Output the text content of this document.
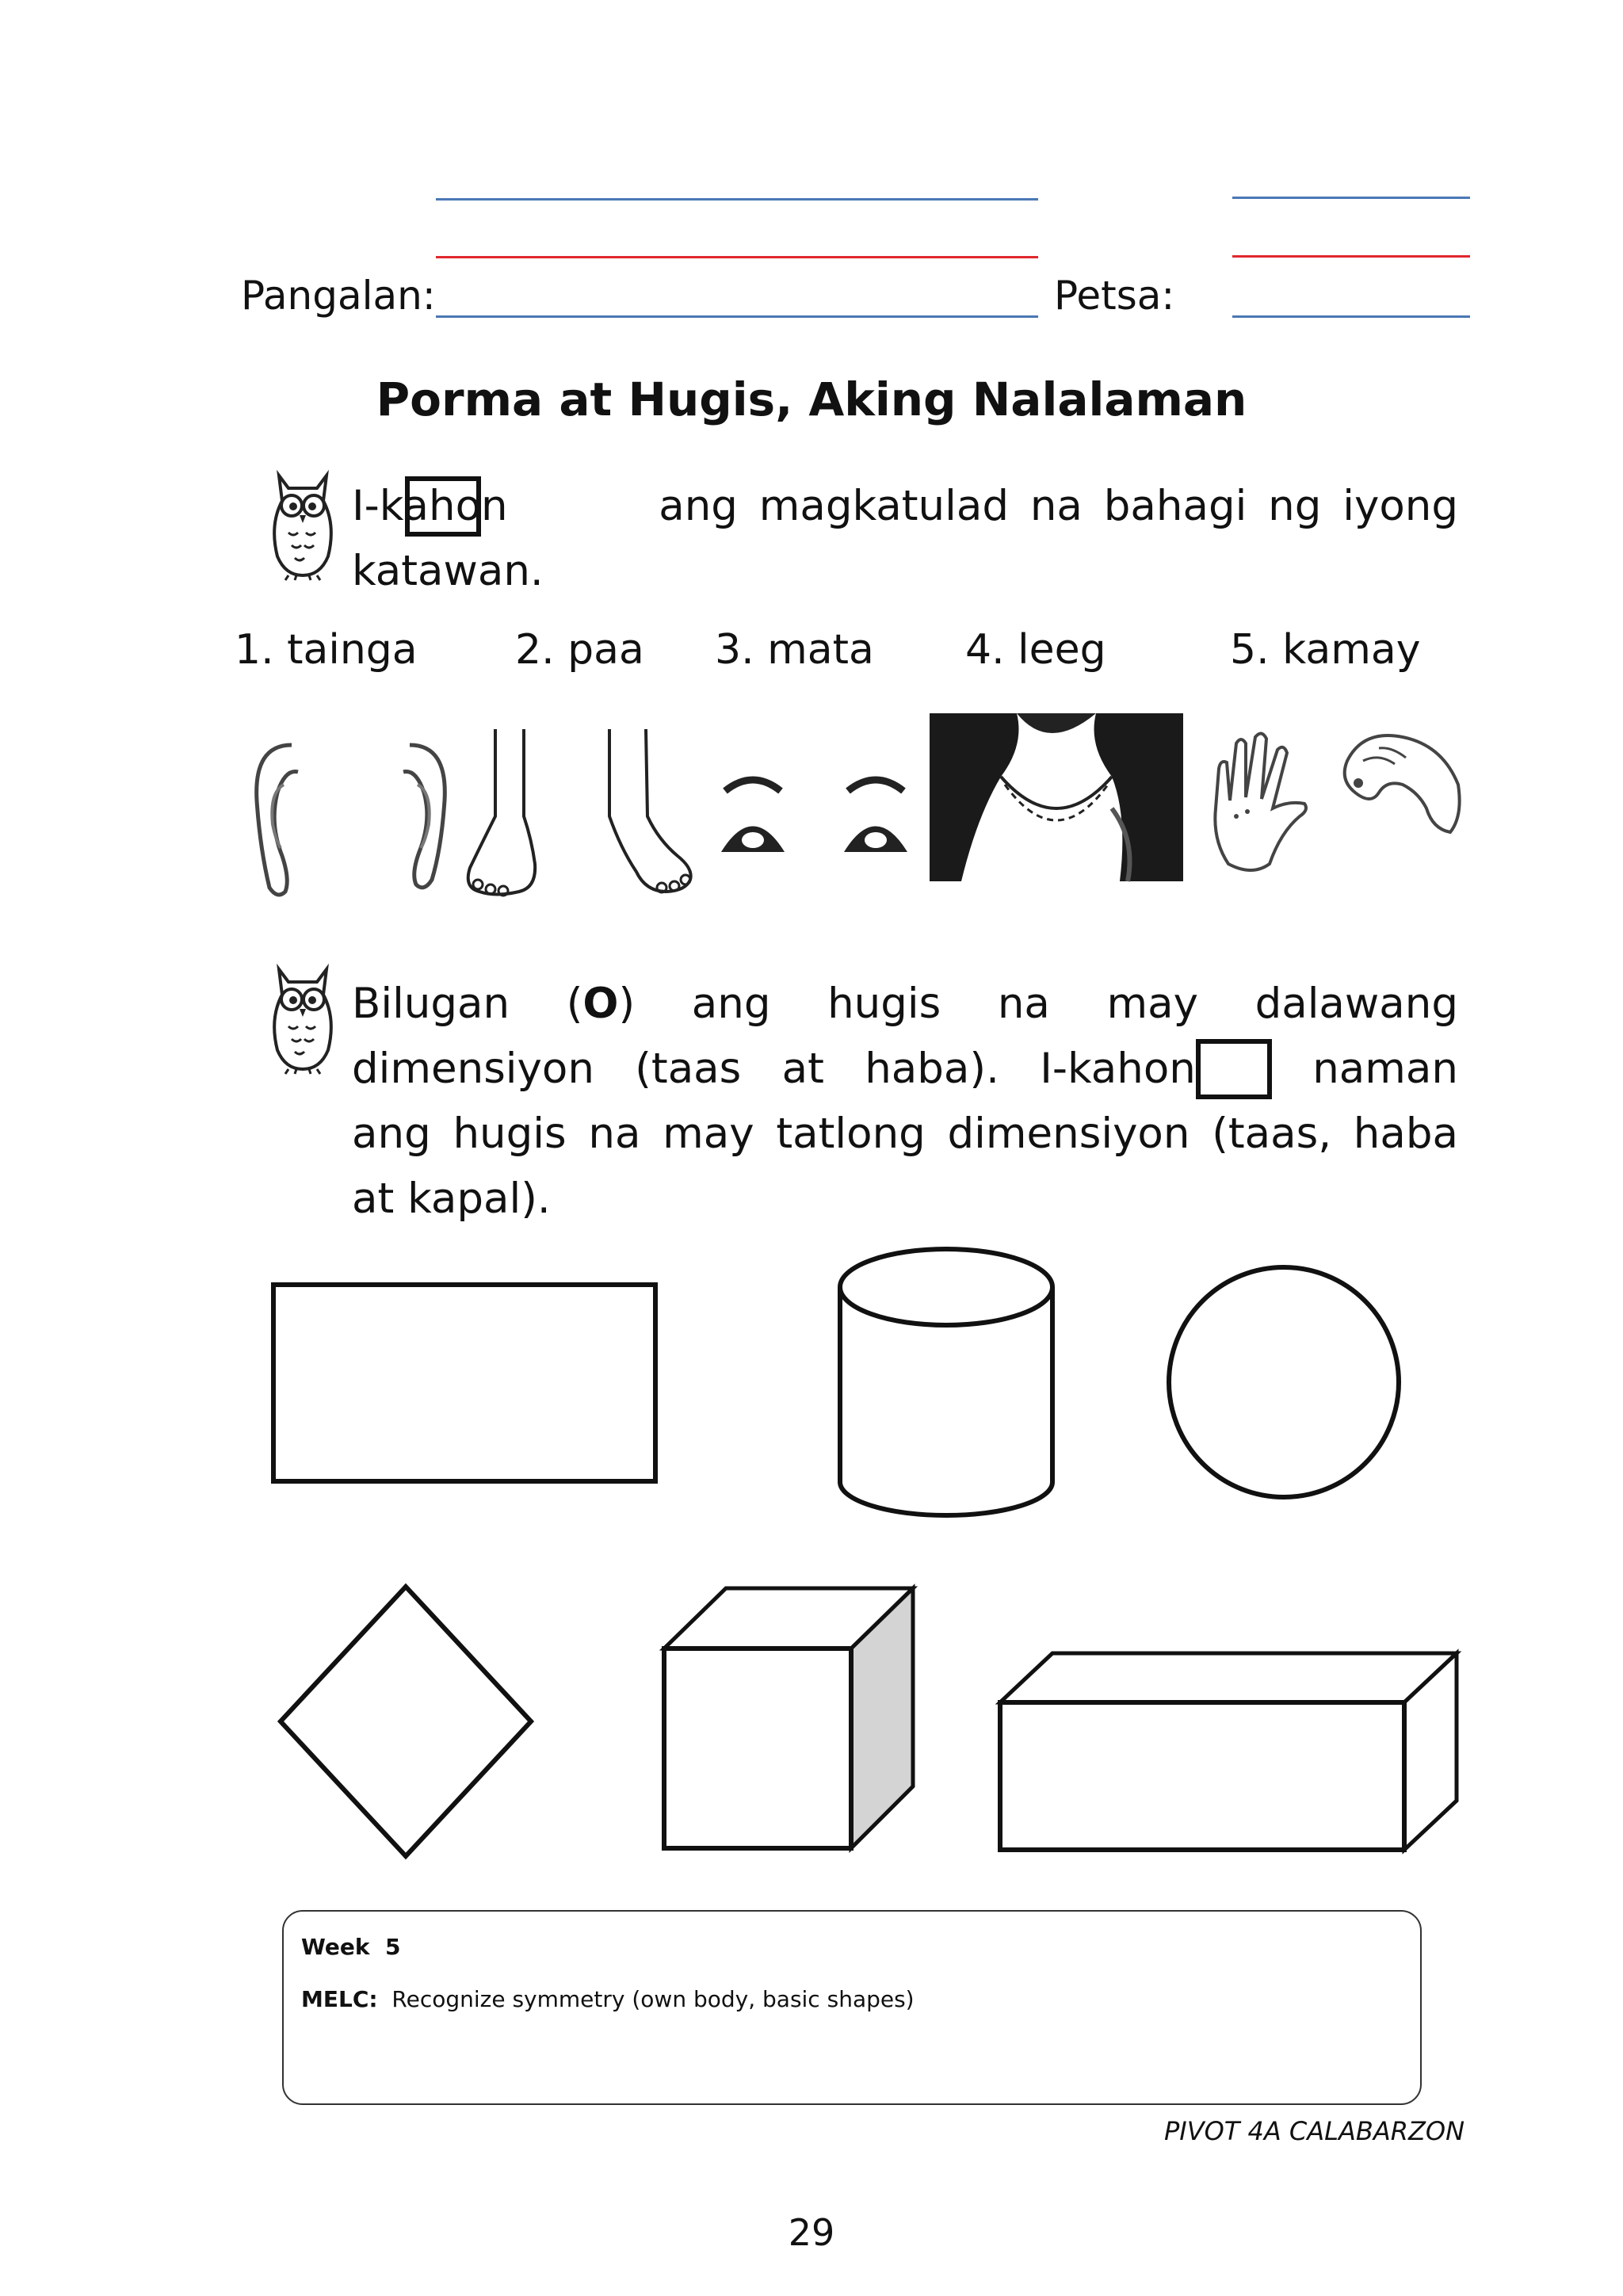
Pangalan:	Petsa:
Porma at Hugis, Aking Nalalaman
I-kahon	ang magkatulad na bahagi ng iyong
katawan.
1. tainga 2. paa 3. mata 4. leeg	5. kamay
Bilugan (O) ang hugis na may dalawang
dimensiyon (taas at haba). I-kahon	naman
ang hugis na may tatlong dimensiyon (taas, haba
at kapal).
Week 5
MELC: Recognize symmetry (own body, basic shapes)
PIVOT 4A CALABARZON
29
